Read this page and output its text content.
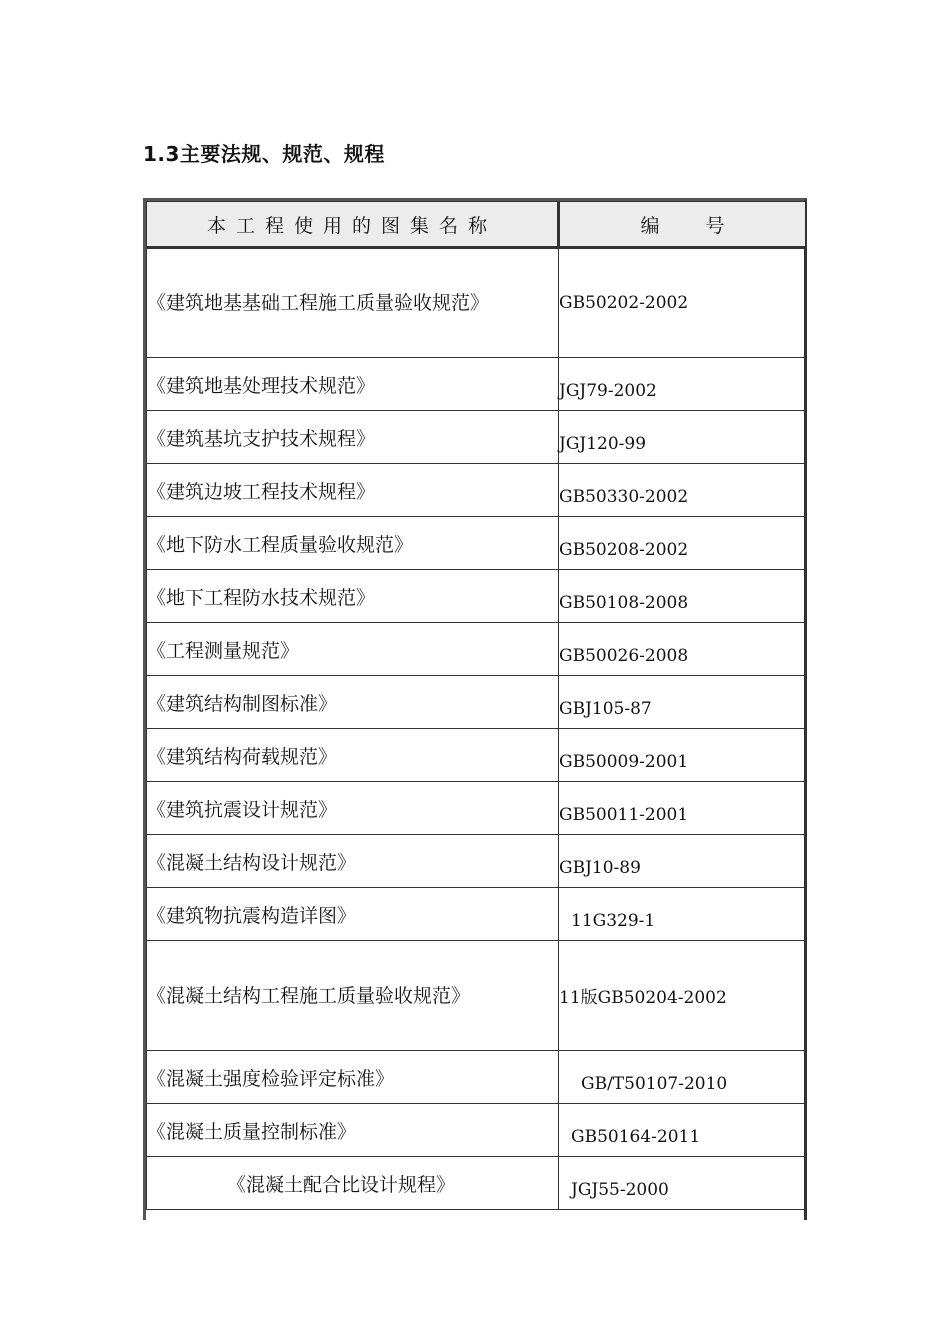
1.3主要法规、规范、规程
本工程使用的图集名称	编 号

《建筑地基基础工程施工质量验收规范》	GB50202-2002
《建筑地基处理技术规范》	JGJ79-2002

《建筑基坑支护技术规程》	JGJ120-99

《建筑边坡工程技术规程》	GB50330-2002

《地下防水工程质量验收规范》	GB50208-2002

《地下工程防水技术规范》	GB50108-2008

《工程测量规范》	GB50026-2008

《建筑结构制图标准》	GBJ105-87

《建筑结构荷载规范》	GB50009-2001

《建筑抗震设计规范》	GB50011-2001

《混凝土结构设计规范》	GBJ10-89

《建筑物抗震构造详图》	11G329-1

《混凝土结构工程施工质量验收规范》	11版GB50204-2002
《混凝土强度检验评定标准》	GB/T50107-2010

《混凝土质量控制标准》	GB50164-2011

《混凝土配合比设计规程》	JGJ55-2000
